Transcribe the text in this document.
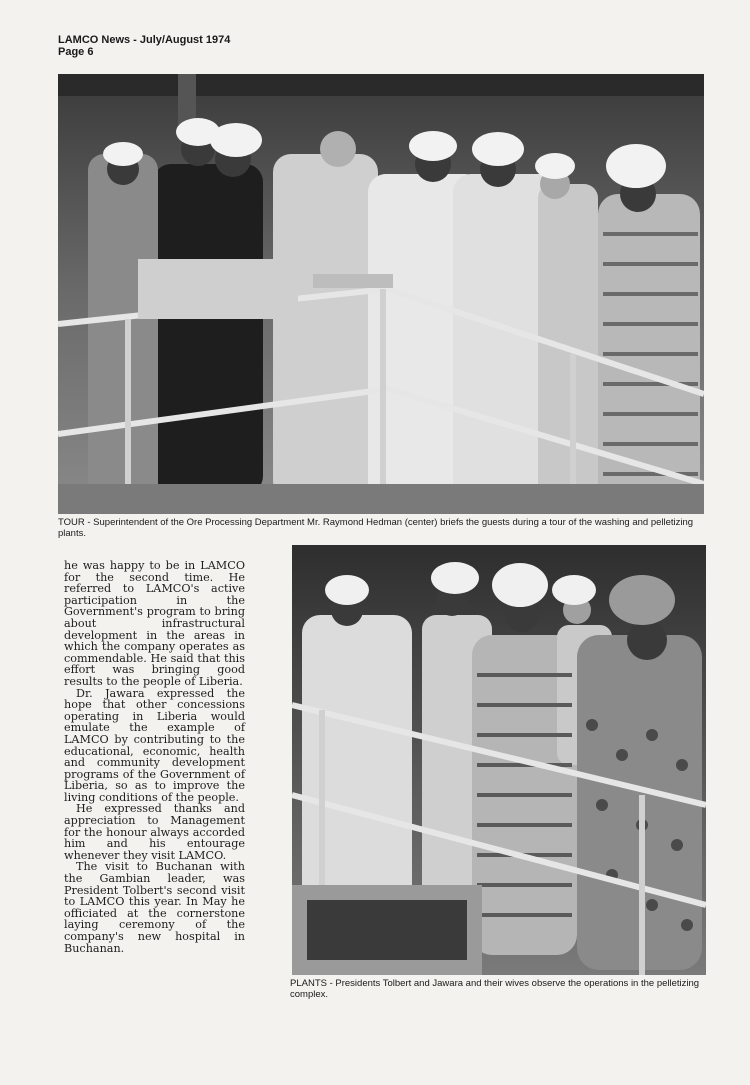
LAMCO News - July/August 1974
Page 6
TOUR - Superintendent of the Ore Processing Department Mr. Raymond Hedman (center) briefs the guests during a tour of the washing and pelletizing plants.

he was happy to be in LAMCO for the second time. He referred to LAMCO's active participation in the Government's program to bring about infrastructural development in the areas in which the company operates as commendable. He said that this effort was bringing good results to the people of Liberia.

Dr. Jawara expressed the hope that other concessions operating in Liberia would emulate the example of LAMCO by contributing to the educational, economic, health and community development programs of the Government of Liberia, so as to improve the living conditions of the people.

He expressed thanks and appreciation to Management for the honour always accorded him and his entourage whenever they visit LAMCO.

The visit to Buchanan with the Gambian leader, was President Tolbert's second visit to LAMCO this year. In May he officiated at the cornerstone laying ceremony of the company's new hospital in Buchanan.

PLANTS - Presidents Tolbert and Jawara and their wives observe the operations in the pelletizing complex.
